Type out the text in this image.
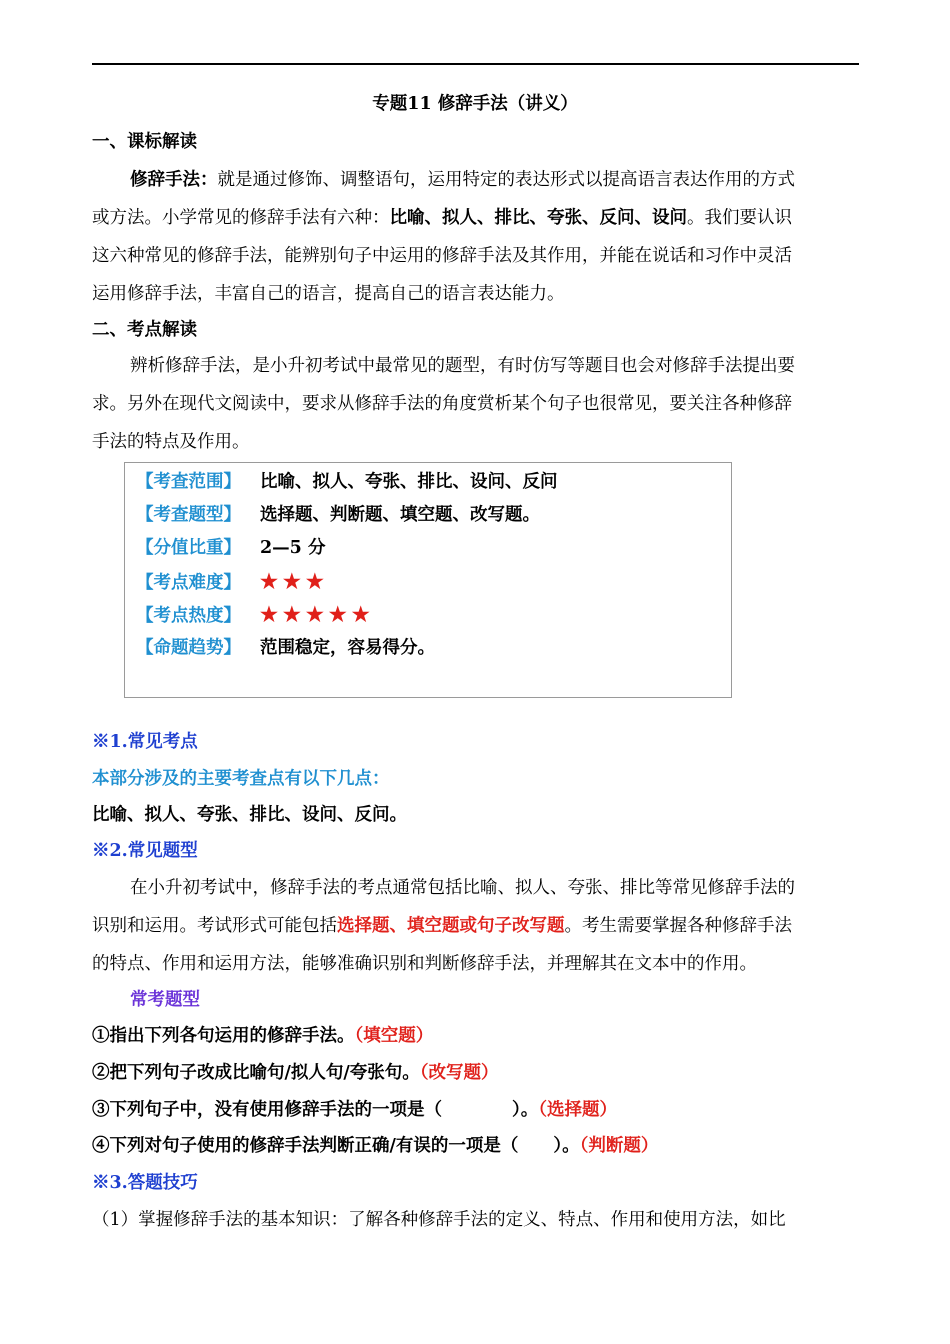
专题11 修辞手法（讲义）
一、课标解读
修辞手法：就是通过修饰、调整语句，运用特定的表达形式以提高语言表达作用的方式
或方法。小学常见的修辞手法有六种：比喻、拟人、排比、夸张、反问、设问。我们要认识
这六种常见的修辞手法，能辨别句子中运用的修辞手法及其作用，并能在说话和习作中灵活
运用修辞手法，丰富自己的语言，提高自己的语言表达能力。
二、考点解读
辨析修辞手法，是小升初考试中最常见的题型，有时仿写等题目也会对修辞手法提出要
求。另外在现代文阅读中，要求从修辞手法的角度赏析某个句子也很常见，要关注各种修辞
手法的特点及作用。
【考查范围】 比喻、拟人、夸张、排比、设问、反问
【考查题型】 选择题、判断题、填空题、改写题。
【分值比重】 2—5 分
【考点难度】 ★★★
【考点热度】 ★★★★★
【命题趋势】 范围稳定，容易得分。
※1.常见考点
本部分涉及的主要考查点有以下几点：
比喻、拟人、夸张、排比、设问、反问。
※2.常见题型
在小升初考试中，修辞手法的考点通常包括比喻、拟人、夸张、排比等常见修辞手法的
识别和运用。考试形式可能包括选择题、填空题或句子改写题。考生需要掌握各种修辞手法
的特点、作用和运用方法，能够准确识别和判断修辞手法，并理解其在文本中的作用。
常考题型
①指出下列各句运用的修辞手法。（填空题）
②把下列句子改成比喻句/拟人句/夸张句。（改写题）
③下列句子中，没有使用修辞手法的一项是（　　　　）。（选择题）
④下列对句子使用的修辞手法判断正确/有误的一项是（　　）。（判断题）
※3.答题技巧
（1）掌握修辞手法的基本知识：了解各种修辞手法的定义、特点、作用和使用方法，如比
